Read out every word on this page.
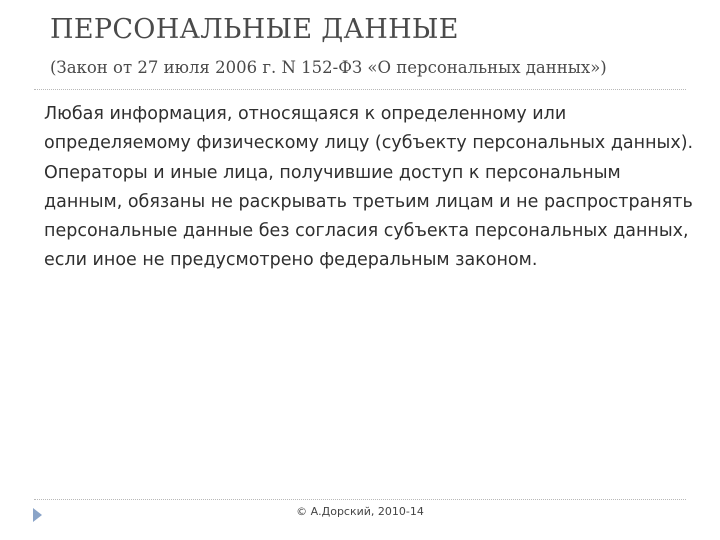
ПЕРСОНАЛЬНЫЕ ДАННЫЕ
(Закон от 27 июля 2006 г. N 152-ФЗ «О персональных данных»)

Любая информация, относящаяся к определенному или определяемому физическому лицу (субъекту персональных данных).

Операторы и иные лица, получившие доступ к персональным данным, обязаны не раскрывать третьим лицам и не распространять персональные данные без согласия субъекта персональных данных, если иное не предусмотрено федеральным законом.

© А.Дорский, 2010-14
